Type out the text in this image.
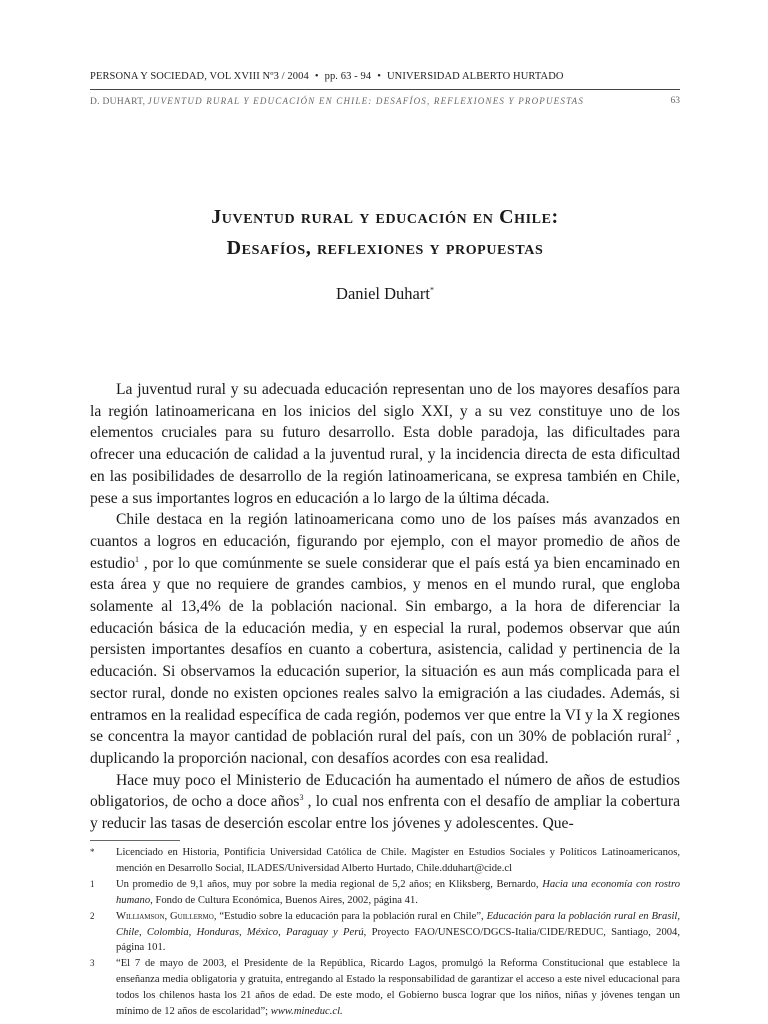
PERSONA Y SOCIEDAD, VOL XVIII Nº3 / 2004 • pp. 63 - 94 • UNIVERSIDAD ALBERTO HURTADO
D. DUHART, JUVENTUD RURAL Y EDUCACIÓN EN CHILE: DESAFÍOS, REFLEXIONES Y PROPUESTAS	63
Juventud rural y educación en Chile:
Desafíos, reflexiones y propuestas
Daniel Duhart*

La juventud rural y su adecuada educación representan uno de los mayores desafíos para la región latinoamericana en los inicios del siglo XXI, y a su vez constituye uno de los elementos cruciales para su futuro desarrollo. Esta doble paradoja, las dificultades para ofrecer una educación de calidad a la juventud rural, y la incidencia directa de esta dificultad en las posibilidades de desarrollo de la región latinoamericana, se expresa también en Chile, pese a sus importantes logros en educación a lo largo de la última década.

Chile destaca en la región latinoamericana como uno de los países más avanzados en cuantos a logros en educación, figurando por ejemplo, con el mayor promedio de años de estudio$^1$ , por lo que comúnmente se suele considerar que el país está ya bien encaminado en esta área y que no requiere de grandes cambios, y menos en el mundo rural, que engloba solamente al 13,4% de la población nacional. Sin embargo, a la hora de diferenciar la educación básica de la educación media, y en especial la rural, podemos observar que aún persisten importantes desafíos en cuanto a cobertura, asistencia, calidad y pertinencia de la educación. Si observamos la educación superior, la situación es aun más complicada para el sector rural, donde no existen opciones reales salvo la emigración a las ciudades. Además, si entramos en la realidad específica de cada región, podemos ver que entre la VI y la X regiones se concentra la mayor cantidad de población rural del país, con un 30% de población rural$^2$ , duplicando la proporción nacional, con desafíos acordes con esa realidad.

Hace muy poco el Ministerio de Educación ha aumentado el número de años de estudios obligatorios, de ocho a doce años$^3$ , lo cual nos enfrenta con el desafío de ampliar la cobertura y reducir las tasas de deserción escolar entre los jóvenes y adolescentes. Que-

* Licenciado en Historia, Pontificia Universidad Católica de Chile. Magíster en Estudios Sociales y Políticos Latinoamericanos, mención en Desarrollo Social, ILADES/Universidad Alberto Hurtado, Chile.dduhart@cide.cl
1 Un promedio de 9,1 años, muy por sobre la media regional de 5,2 años; en Kliksberg, Bernardo, Hacia una economía con rostro humano, Fondo de Cultura Económica, Buenos Aires, 2002, página 41.
2 Williamson, Guillermo, “Estudio sobre la educación para la población rural en Chile”, Educación para la población rural en Brasil, Chile, Colombia, Honduras, México, Paraguay y Perú, Proyecto FAO/UNESCO/DGCS-Italia/CIDE/REDUC, Santiago, 2004, página 101.
3 “El 7 de mayo de 2003, el Presidente de la República, Ricardo Lagos, promulgó la Reforma Constitucional que establece la enseñanza media obligatoria y gratuita, entregando al Estado la responsabilidad de garantizar el acceso a este nivel educacional para todos los chilenos hasta los 21 años de edad. De este modo, el Gobierno busca lograr que los niños, niñas y jóvenes tengan un mínimo de 12 años de escolaridad”; www.mineduc.cl.
